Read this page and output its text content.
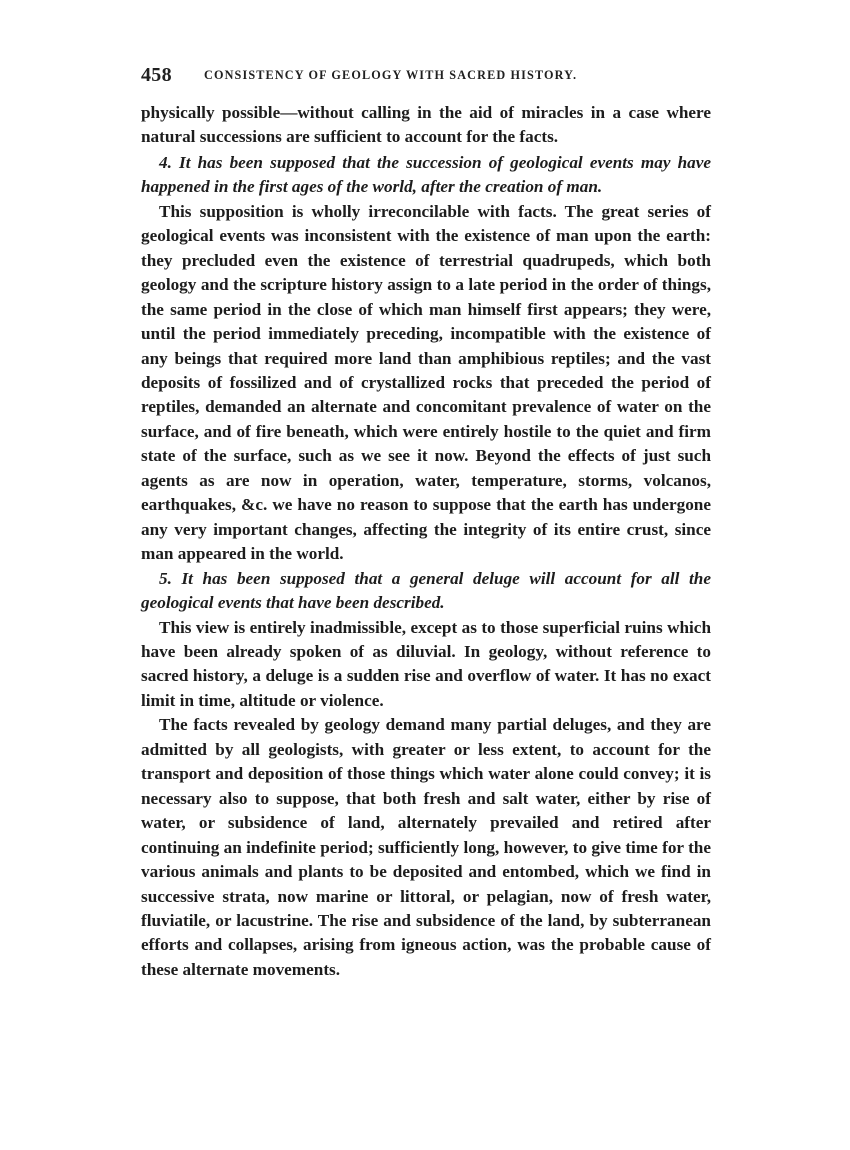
458	CONSISTENCY OF GEOLOGY WITH SACRED HISTORY.

physically possible—without calling in the aid of miracles in a case where natural successions are sufficient to account for the facts.

4. It has been supposed that the succession of geological events may have happened in the first ages of the world, after the creation of man.

This supposition is wholly irreconcilable with facts. The great series of geological events was inconsistent with the existence of man upon the earth: they precluded even the existence of terrestrial quadrupeds, which both geology and the scripture history assign to a late period in the order of things, the same period in the close of which man himself first appears; they were, until the period immediately preceding, incompatible with the existence of any beings that required more land than amphibious reptiles; and the vast deposits of fossilized and of crystallized rocks that preceded the period of reptiles, demanded an alternate and concomitant prevalence of water on the surface, and of fire beneath, which were entirely hostile to the quiet and firm state of the surface, such as we see it now. Beyond the effects of just such agents as are now in operation, water, temperature, storms, volcanos, earthquakes, &c. we have no reason to suppose that the earth has undergone any very important changes, affecting the integrity of its entire crust, since man appeared in the world.

5. It has been supposed that a general deluge will account for all the geological events that have been described.

This view is entirely inadmissible, except as to those superficial ruins which have been already spoken of as diluvial. In geology, without reference to sacred history, a deluge is a sudden rise and overflow of water. It has no exact limit in time, altitude or violence.

The facts revealed by geology demand many partial deluges, and they are admitted by all geologists, with greater or less extent, to account for the transport and deposition of those things which water alone could convey; it is necessary also to suppose, that both fresh and salt water, either by rise of water, or subsidence of land, alternately prevailed and retired after continuing an indefinite period; sufficiently long, however, to give time for the various animals and plants to be deposited and entombed, which we find in successive strata, now marine or littoral, or pelagian, now of fresh water, fluviatile, or lacustrine. The rise and subsidence of the land, by subterranean efforts and collapses, arising from igneous action, was the probable cause of these alternate movements.
